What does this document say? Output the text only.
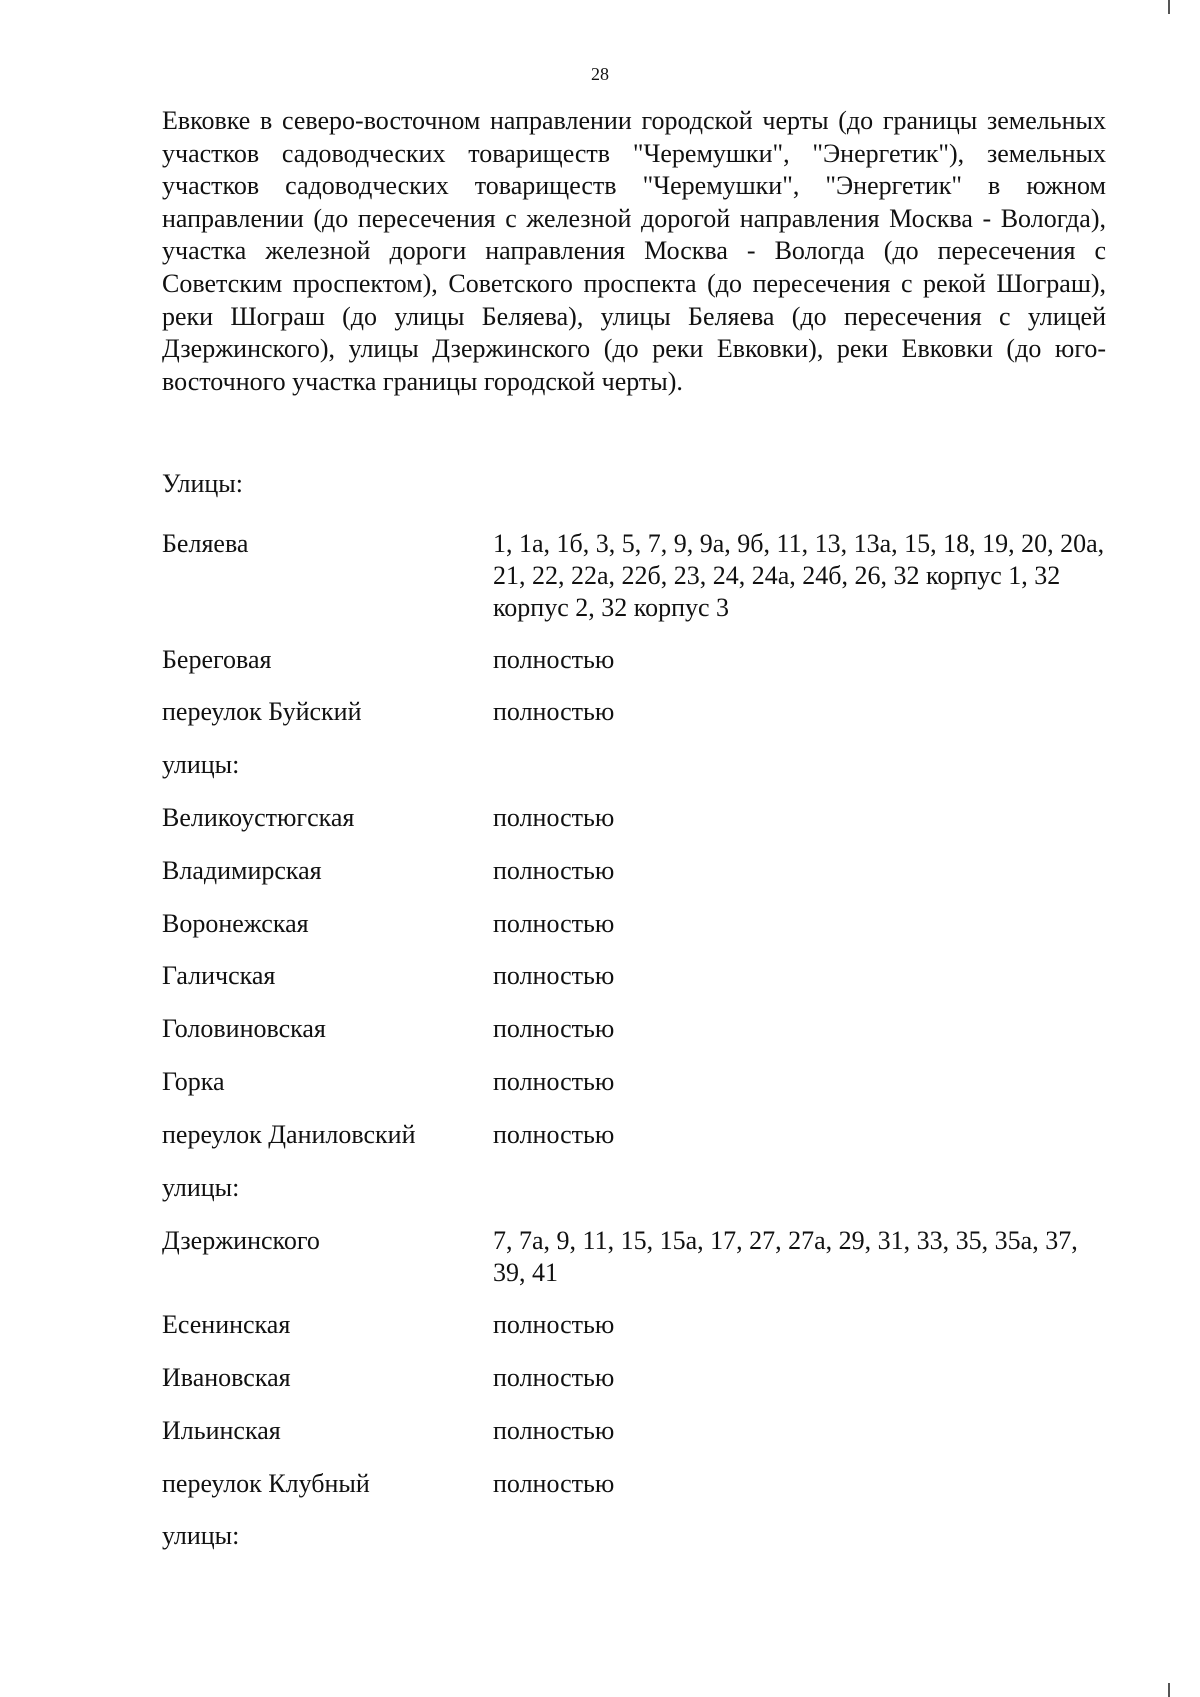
28

Евковке в северо-восточном направлении городской черты (до границы земельных участков садоводческих товариществ "Черемушки", "Энергетик"), земельных участков садоводческих товариществ "Черемушки", "Энергетик" в южном направлении (до пересечения с железной дорогой направления Москва - Вологда), участка железной дороги направления Москва - Вологда (до пересечения с Советским проспектом), Советского проспекта (до пересечения с рекой Шограш), реки Шограш (до улицы Беляева), улицы Беляева (до пересечения с улицей Дзержинского), улицы Дзержинского (до реки Евковки), реки Евковки (до юго-восточного участка границы городской черты).

Улицы:
Беляева	1, 1а, 1б, 3, 5, 7, 9, 9а, 9б, 11, 13, 13а, 15, 18, 19, 20, 20а, 21, 22, 22а, 22б, 23, 24, 24а, 24б, 26, 32 корпус 1, 32 корпус 2, 32 корпус 3
Береговая	полностью
переулок Буйский	полностью
улицы:
Великоустюгская	полностью
Владимирская	полностью
Воронежская	полностью
Галичская	полностью
Головиновская	полностью
Горка	полностью
переулок Даниловский	полностью
улицы:
Дзержинского	7, 7а, 9, 11, 15, 15а, 17, 27, 27а, 29, 31, 33, 35, 35а, 37, 39, 41
Есенинская	полностью
Ивановская	полностью
Ильинская	полностью
переулок Клубный	полностью
улицы:
